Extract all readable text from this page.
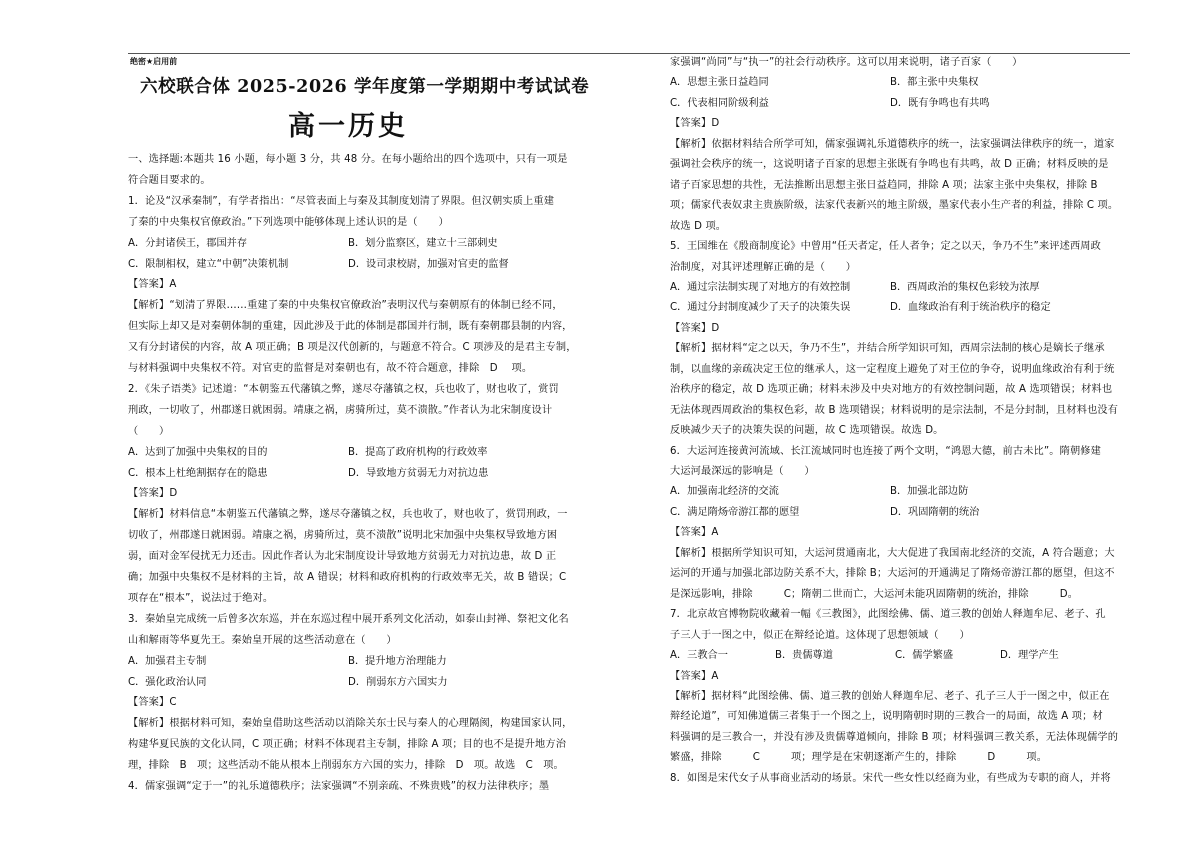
绝密★启用前
六校联合体 2025-2026 学年度第一学期期中考试试卷
高一历史
一、选择题:本题共 16 小题，每小题 3 分，共 48 分。在每小题给出的四个选项中，只有一项是
符合题目要求的。
1．论及“汉承秦制”，有学者指出：“尽管表面上与秦及其制度划清了界限。但汉朝实质上重建
了秦的中央集权官僚政治。”下列选项中能够体现上述认识的是（　　）
A．分封诸侯王，郡国并存	B．划分监察区，建立十三部刺史
C．限制相权，建立“中朝”决策机制	D．设司隶校尉，加强对官吏的监督
【答案】A
【解析】“划清了界限……重建了秦的中央集权官僚政治”表明汉代与秦朝原有的体制已经不同，
但实际上却又是对秦朝体制的重建，因此涉及于此的体制是郡国并行制，既有秦朝郡县制的内容，
又有分封诸侯的内容，故 A 项正确；B 项是汉代创新的，与题意不符合。C 项涉及的是君主专制，
与材料强调中央集权不符。对官吏的监督是对秦朝也有，故不符合题意，排除　D　 项。
2．《朱子语类》记述道：“本朝鉴五代藩镇之弊，遂尽夺藩镇之权，兵也收了，财也收了，赏罚
刑政，一切收了，州郡遂日就困弱。靖康之祸，虏骑所过，莫不溃散。”作者认为北宋制度设计
（　　）
A．达到了加强中央集权的目的	B．提高了政府机构的行政效率
C．根本上杜绝割据存在的隐患	D．导致地方贫弱无力对抗边患
【答案】D
【解析】材料信息“本朝鉴五代藩镇之弊，遂尽夺藩镇之权，兵也收了，财也收了，赏罚刑政，一
切收了，州郡遂日就困弱。靖康之祸，虏骑所过，莫不溃散”说明北宋加强中央集权导致地方困
弱，面对金军侵扰无力还击。因此作者认为北宋制度设计导致地方贫弱无力对抗边患，故 D 正
确；加强中央集权不是材料的主旨，故 A 错误；材料和政府机构的行政效率无关，故 B 错误；C
项存在“根本”，说法过于绝对。
3．秦始皇完成统一后曾多次东巡，并在东巡过程中展开系列文化活动，如泰山封禅、祭祀文化名
山和解雨等华夏先王。秦始皇开展的这些活动意在（　　）
A．加强君主专制	B．提升地方治理能力
C．强化政治认同	D．削弱东方六国实力
【答案】C
【解析】根据材料可知，秦始皇借助这些活动以消除关东士民与秦人的心理隔阂，构建国家认同，
构建华夏民族的文化认同，C 项正确；材料不体现君主专制，排除 A 项；目的也不是提升地方治
理，排除　B　项；这些活动不能从根本上削弱东方六国的实力，排除　D　项。故选　C　项。
4．儒家强调“定于一”的礼乐道德秩序；法家强调“不别亲疏、不殊贵贱”的权力法律秩序；墨
家强调“尚同”与“执一”的社会行动秩序。这可以用来说明，诸子百家（　　）
A．思想主张日益趋同	B．都主张中央集权
C．代表相同阶级利益	D．既有争鸣也有共鸣
【答案】D
【解析】依据材料结合所学可知，儒家强调礼乐道德秩序的统一，法家强调法律秩序的统一，道家
强调社会秩序的统一，这说明诸子百家的思想主张既有争鸣也有共鸣，故 D 正确；材料反映的是
诸子百家思想的共性，无法推断出思想主张日益趋同，排除 A 项；法家主张中央集权，排除 B
项；儒家代表奴隶主贵族阶级，法家代表新兴的地主阶级，墨家代表小生产者的利益，排除 C 项。
故选 D 项。
5．王国维在《殷商制度论》中曾用“任天者定，任人者争；定之以天，争乃不生”来评述西周政
治制度，对其评述理解正确的是（　　）
A．通过宗法制实现了对地方的有效控制	B．西周政治的集权色彩较为浓厚
C．通过分封制度减少了天子的决策失误	D．血缘政治有利于统治秩序的稳定
【答案】D
【解析】据材料“定之以天，争乃不生”，并结合所学知识可知，西周宗法制的核心是嫡长子继承
制，以血缘的亲疏决定王位的继承人，这一定程度上避免了对王位的争夺，说明血缘政治有利于统
治秩序的稳定，故 D 选项正确；材料未涉及中央对地方的有效控制问题，故 A 选项错误；材料也
无法体现西周政治的集权色彩，故 B 选项错误；材料说明的是宗法制，不是分封制，且材料也没有
反映减少天子的决策失误的问题，故 C 选项错误。故选 D。
6．大运河连接黄河流域、长江流域同时也连接了两个文明，“鸿恩大德，前古未比”。隋朝修建
大运河最深远的影响是（　　）
A．加强南北经济的交流	B．加强北部边防
C．满足隋炀帝游江都的愿望	D．巩固隋朝的统治
【答案】A
【解析】根据所学知识可知，大运河贯通南北，大大促进了我国南北经济的交流，A 符合题意；大
运河的开通与加强北部边防关系不大，排除 B；大运河的开通满足了隋炀帝游江都的愿望，但这不
是深远影响，排除　　　C；隋朝二世而亡，大运河未能巩固隋朝的统治，排除　　　D。
7．北京故宫博物院收藏着一幅《三教图》，此图绘佛、儒、道三教的创始人释迦牟尼、老子、孔
子三人于一图之中，似正在辩经论道。这体现了思想领域（　　）
A．三教合一	B．贵儒尊道	C．儒学繁盛	D．理学产生
【答案】A
【解析】据材料“此图绘佛、儒、道三教的创始人释迦牟尼、老子、孔子三人于一图之中，似正在
辩经论道”，可知佛道儒三者集于一个图之上，说明隋朝时期的三教合一的局面，故选 A 项；材
料强调的是三教合一，并没有涉及贵儒尊道倾向，排除 B 项；材料强调三教关系，无法体现儒学的
繁盛，排除　　　C　　　项；理学是在宋朝逐渐产生的，排除　　　D　　　项。
8．如图是宋代女子从事商业活动的场景。宋代一些女性以经商为业，有些成为专职的商人，并将
